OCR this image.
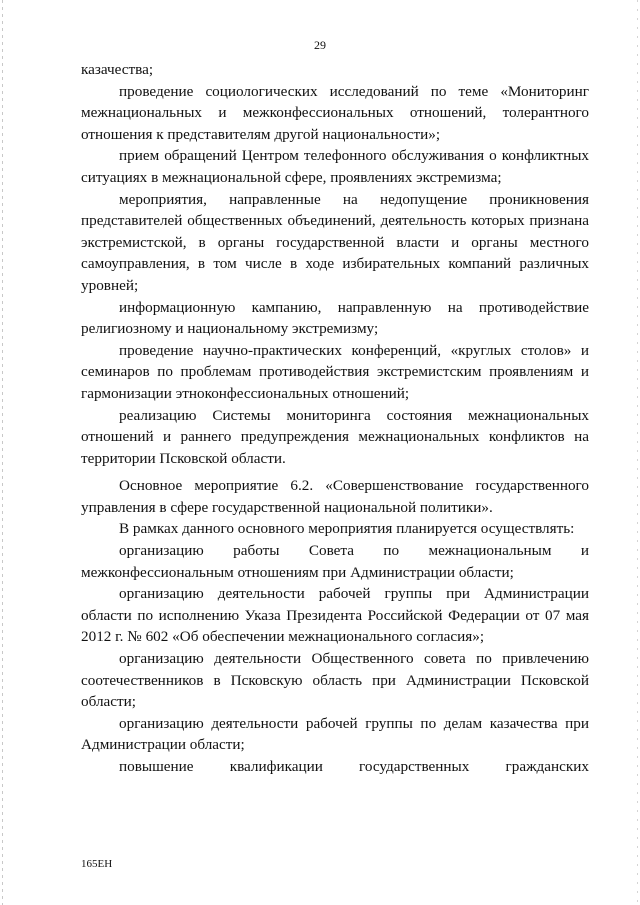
29

казачества;

проведение социологических исследований по теме «Мониторинг межнациональных и межконфессиональных отношений, толерантного отношения к представителям другой национальности»;

прием обращений Центром телефонного обслуживания о конфликтных ситуациях в межнациональной сфере, проявлениях экстремизма;

мероприятия, направленные на недопущение проникновения представителей общественных объединений, деятельность которых признана экстремистской, в органы государственной власти и органы местного самоуправления, в том числе в ходе избирательных компаний различных уровней;

информационную кампанию, направленную на противодействие религиозному и национальному экстремизму;

проведение научно-практических конференций, «круглых столов» и семинаров по проблемам противодействия экстремистским проявлениям и гармонизации этноконфессиональных отношений;

реализацию Системы мониторинга состояния межнациональных отношений и раннего предупреждения межнациональных конфликтов на территории Псковской области.

Основное мероприятие 6.2. «Совершенствование государственного управления в сфере государственной национальной политики».

В рамках данного основного мероприятия планируется осуществлять:

организацию работы Совета по межнациональным и межконфессиональным отношениям при Администрации области;

организацию деятельности рабочей группы при Администрации области по исполнению Указа Президента Российской Федерации от 07 мая 2012 г. № 602 «Об обеспечении межнационального согласия»;

организацию деятельности Общественного совета по привлечению соотечественников в Псковскую область при Администрации Псковской области;

организацию деятельности рабочей группы по делам казачества при Администрации области;

повышение квалификации государственных гражданских

165EH
